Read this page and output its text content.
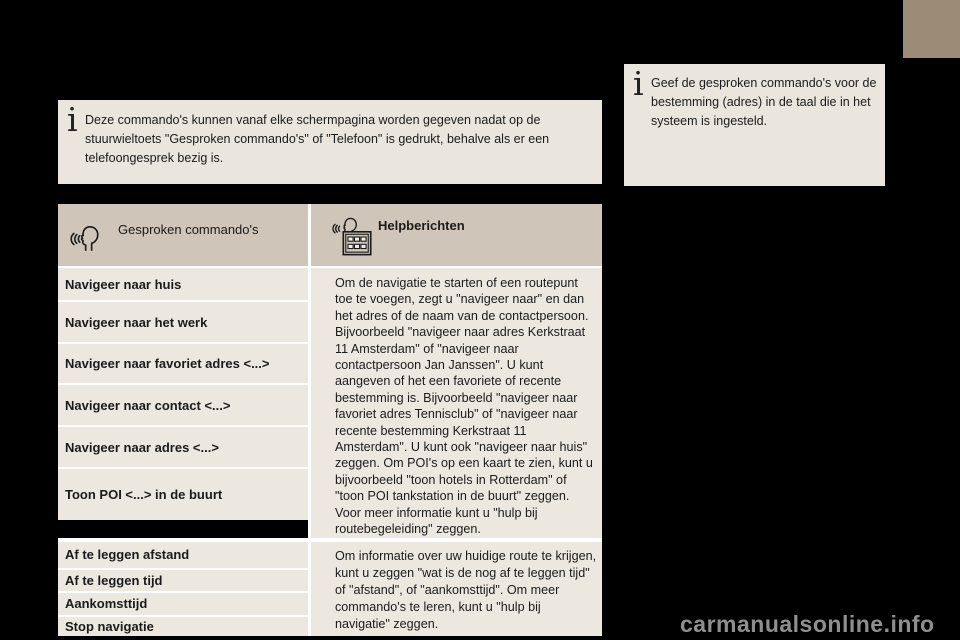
i Deze commando's kunnen vanaf elke schermpagina worden gegeven nadat op de stuurwieltoets "Gesproken commando's" of "Telefoon" is gedrukt, behalve als er een telefoongesprek bezig is.

i Geef de gesproken commando's voor de bestemming (adres) in de taal die in het systeem is ingesteld.

Gesproken commando's	Helpberichten
Navigeer naar huis
Navigeer naar het werk
Navigeer naar favoriet adres <...>
Navigeer naar contact <...>
Navigeer naar adres <...>
Toon POI <...> in de buurt

Om de navigatie te starten of een routepunt toe te voegen, zegt u "navigeer naar" en dan het adres of de naam van de contactpersoon. Bijvoorbeeld "navigeer naar adres Kerkstraat 11 Amsterdam" of "navigeer naar contactpersoon Jan Janssen". U kunt aangeven of het een favoriete of recente bestemming is. Bijvoorbeeld "navigeer naar favoriet adres Tennisclub" of "navigeer naar recente bestemming Kerkstraat 11 Amsterdam". U kunt ook "navigeer naar huis" zeggen. Om POI's op een kaart te zien, kunt u bijvoorbeeld "toon hotels in Rotterdam" of "toon POI tankstation in de buurt" zeggen. Voor meer informatie kunt u "hulp bij routebegeleiding" zeggen.

Af te leggen afstand
Af te leggen tijd
Aankomsttijd
Stop navigatie

Om informatie over uw huidige route te krijgen, kunt u zeggen "wat is de nog af te leggen tijd" of "afstand", of "aankomsttijd". Om meer commando's te leren, kunt u "hulp bij navigatie" zeggen.	carmanualsonline.info
